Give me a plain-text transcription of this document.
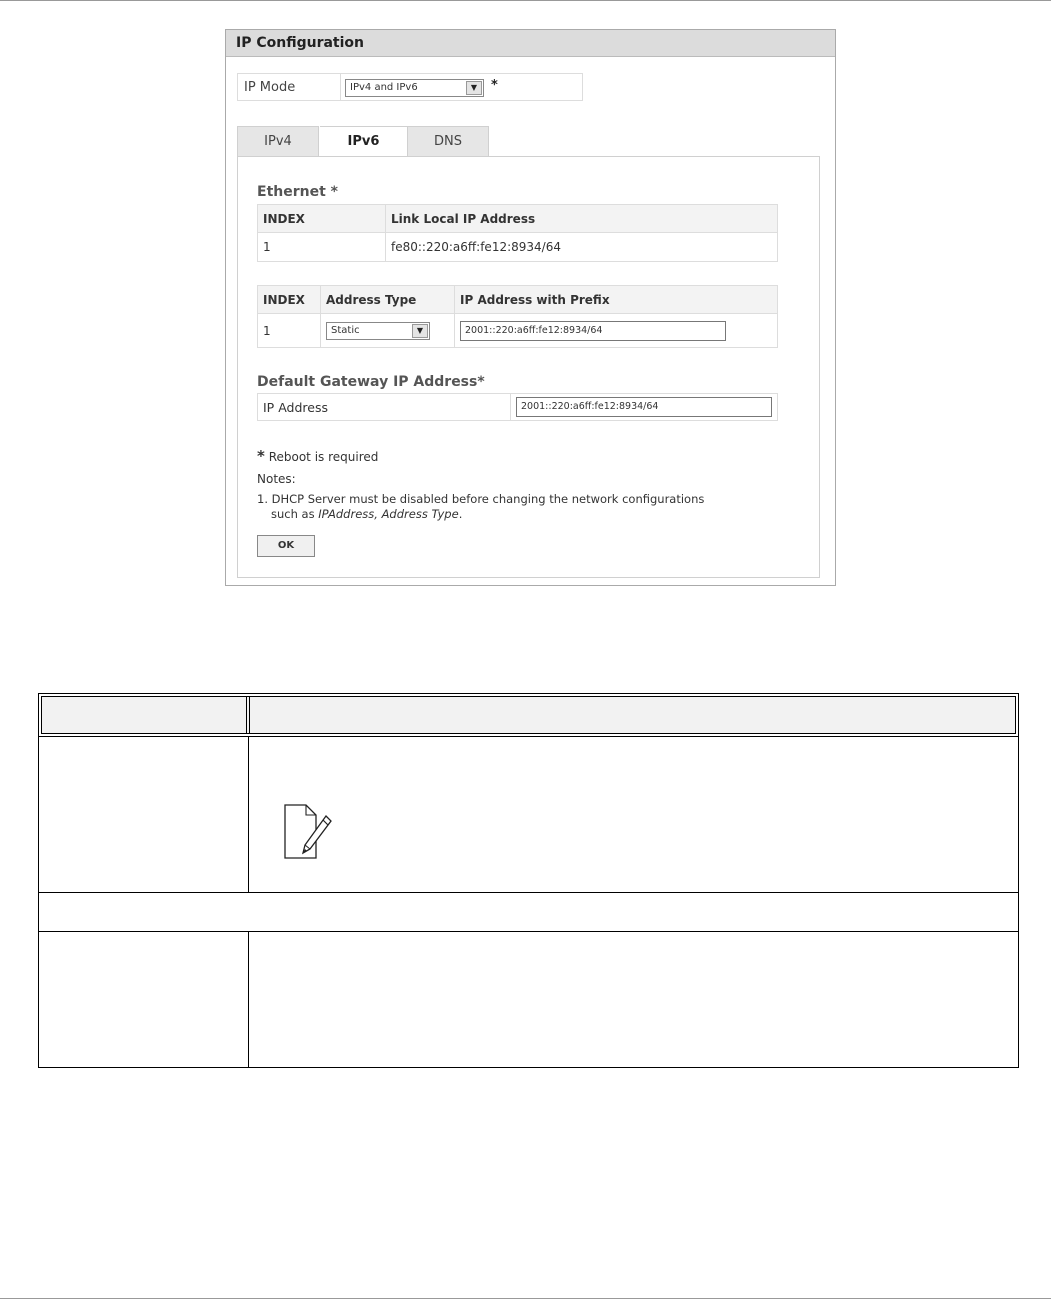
IP Configuration
IP Mode	IPv4 and IPv6	▼	*
IPv4	IPv6	DNS
Ethernet *
INDEX	Link Local IP Address
1	fe80::220:a6ff:fe12:8934/64
INDEX	Address Type	IP Address with Prefix
1	Static ▼	2001::220:a6ff:fe12:8934/64
Default Gateway IP Address*
IP Address	2001::220:a6ff:fe12:8934/64
* Reboot is required
Notes:
1. DHCP Server must be disabled before changing the network configurations
such as IPAddress, Address Type.
OK
